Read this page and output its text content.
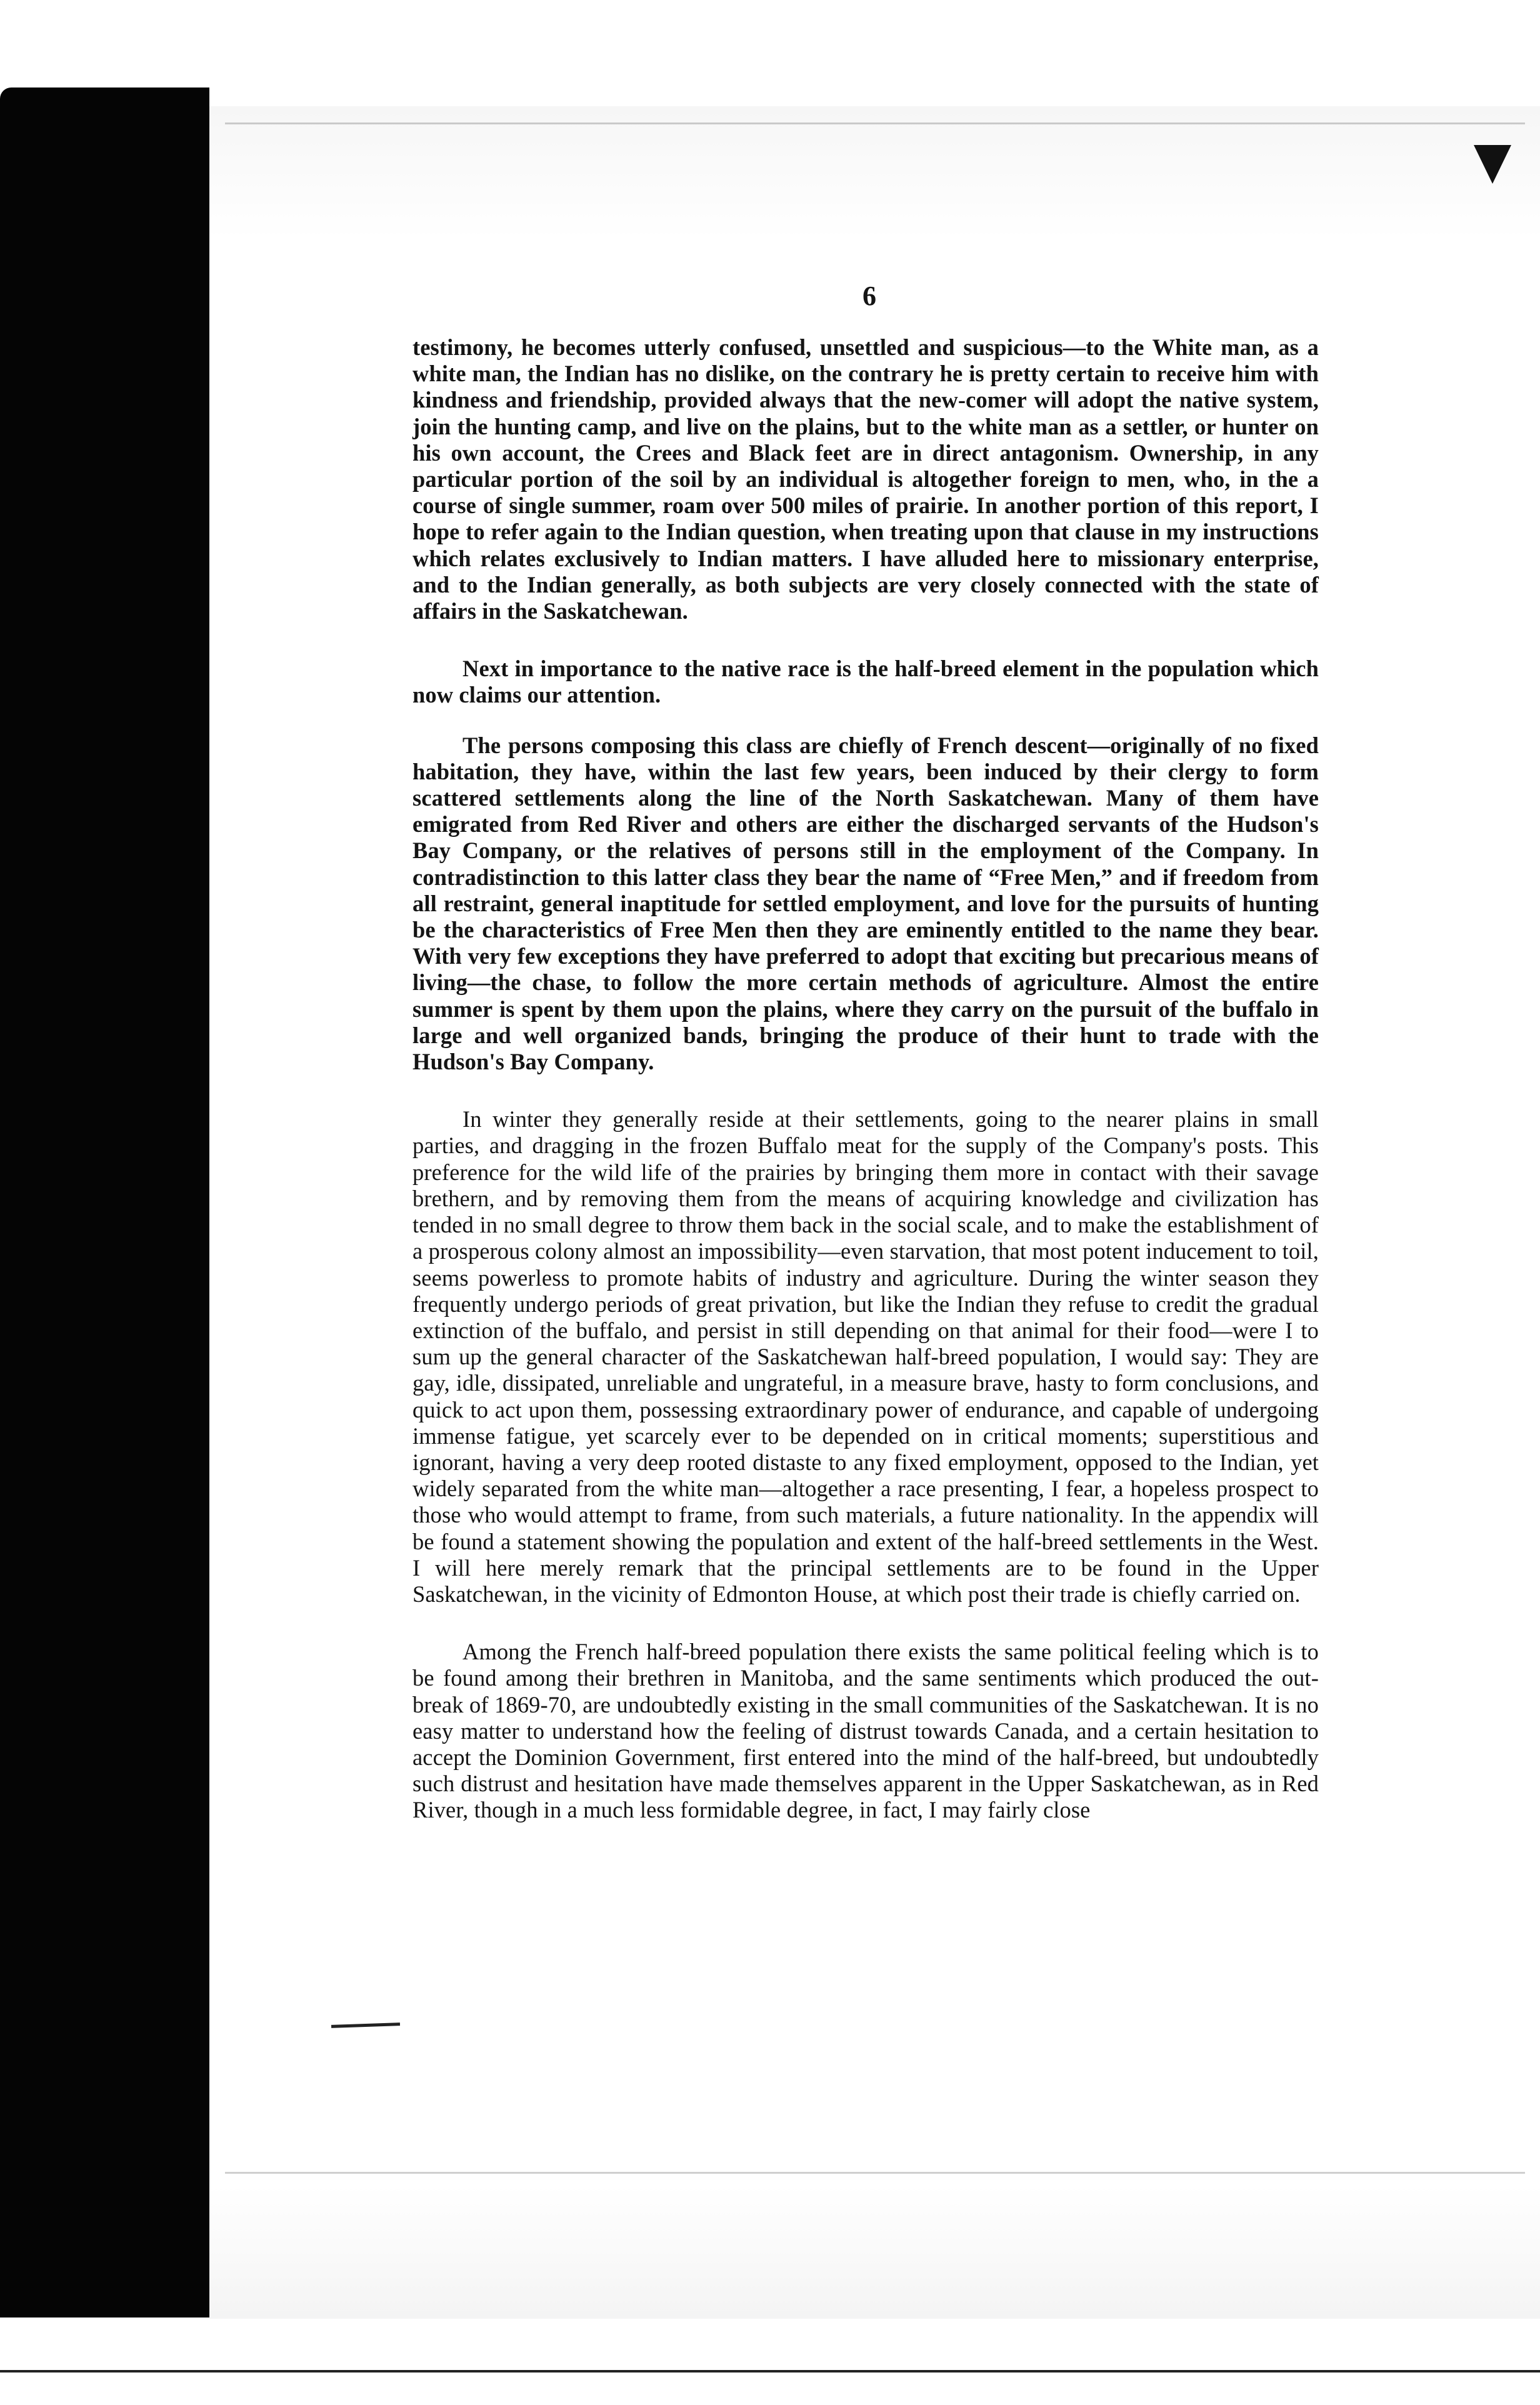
6

testimony, he becomes utterly confused, unsettled and suspicious—to the White man, as a white man, the Indian has no dislike, on the contrary he is pretty certain to receive him with kindness and friendship, provided always that the new-comer will adopt the native system, join the hunting camp, and live on the plains, but to the white man as a settler, or hunter on his own account, the Crees and Black feet are in direct antagonism. Ownership, in any particular portion of the soil by an individual is altogether foreign to men, who, in the a course of single summer, roam over 500 miles of prairie. In another portion of this report, I hope to refer again to the Indian question, when treating upon that clause in my instructions which relates exclusively to Indian matters. I have alluded here to missionary enterprise, and to the Indian generally, as both subjects are very closely connected with the state of affairs in the Saskatchewan.

Next in importance to the native race is the half-breed element in the population which now claims our attention.

The persons composing this class are chiefly of French descent—originally of no fixed habitation, they have, within the last few years, been induced by their clergy to form scattered settlements along the line of the North Saskatchewan. Many of them have emigrated from Red River and others are either the discharged servants of the Hudson's Bay Company, or the relatives of persons still in the employment of the Company. In contradistinction to this latter class they bear the name of “Free Men,” and if freedom from all restraint, general inaptitude for settled employment, and love for the pursuits of hunting be the characteristics of Free Men then they are eminently entitled to the name they bear. With very few exceptions they have preferred to adopt that exciting but precarious means of living—the chase, to follow the more certain methods of agriculture. Almost the entire summer is spent by them upon the plains, where they carry on the pursuit of the buffalo in large and well organized bands, bringing the produce of their hunt to trade with the Hudson's Bay Company.

In winter they generally reside at their settlements, going to the nearer plains in small parties, and dragging in the frozen Buffalo meat for the supply of the Company's posts. This preference for the wild life of the prairies by bringing them more in contact with their savage brethern, and by removing them from the means of acquiring knowledge and civilization has tended in no small degree to throw them back in the social scale, and to make the establishment of a prosperous colony almost an impossibility—even starvation, that most potent inducement to toil, seems powerless to promote habits of industry and agriculture. During the winter season they frequently undergo periods of great privation, but like the Indian they refuse to credit the gradual extinction of the buffalo, and persist in still depending on that animal for their food—were I to sum up the general character of the Saskatchewan half-breed population, I would say: They are gay, idle, dissipated, unreliable and ungrateful, in a measure brave, hasty to form conclusions, and quick to act upon them, possessing extraordinary power of endurance, and capable of undergoing immense fatigue, yet scarcely ever to be depended on in critical moments; superstitious and ignorant, having a very deep rooted distaste to any fixed employment, opposed to the Indian, yet widely separated from the white man—altogether a race presenting, I fear, a hopeless prospect to those who would attempt to frame, from such materials, a future nationality. In the appendix will be found a statement showing the population and extent of the half-breed settlements in the West. I will here merely remark that the principal settlements are to be found in the Upper Saskatchewan, in the vicinity of Edmonton House, at which post their trade is chiefly carried on.

Among the French half-breed population there exists the same political feeling which is to be found among their brethren in Manitoba, and the same sentiments which produced the out-break of 1869-70, are undoubtedly existing in the small communities of the Saskatchewan. It is no easy matter to understand how the feeling of distrust towards Canada, and a certain hesitation to accept the Dominion Government, first entered into the mind of the half-breed, but undoubtedly such distrust and hesitation have made themselves apparent in the Upper Saskatchewan, as in Red River, though in a much less formidable degree, in fact, I may fairly close
